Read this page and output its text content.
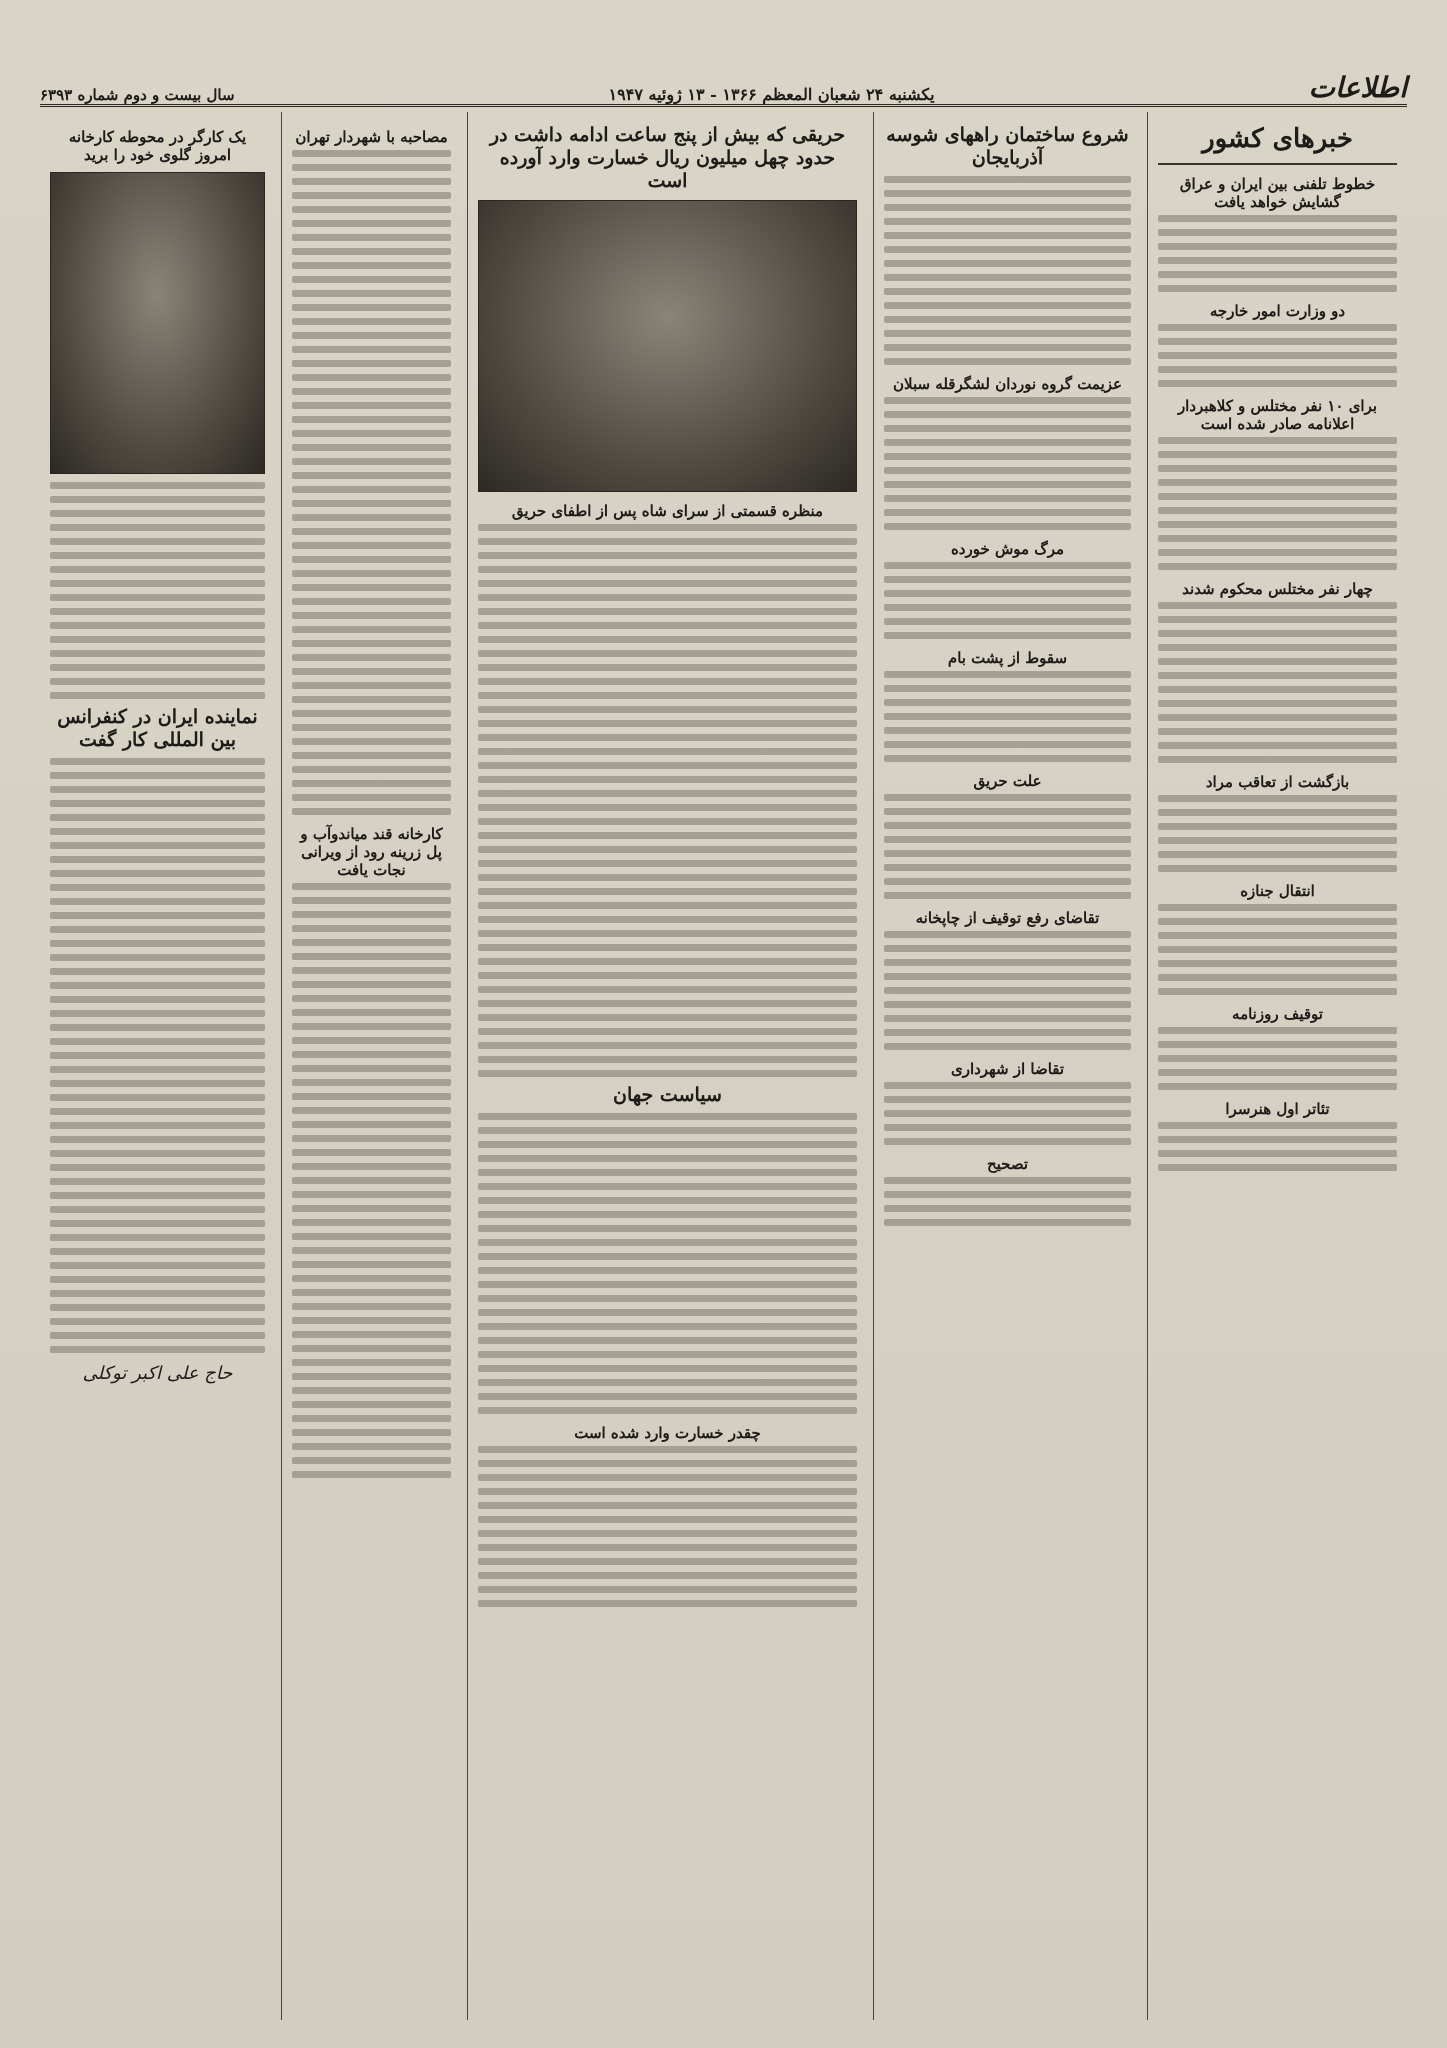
اطلاعات
یکشنبه ۲۴ شعبان المعظم ۱۳۶۶ - ۱۳ ژوئیه ۱۹۴۷
سال بیست و دوم شماره ۶۳۹۳
خبرهای کشور
خطوط تلفنی بین ایران و عراق گشایش خواهد یافت
دو وزارت امور خارجه
برای ۱۰ نفر مختلس و کلاهبردار اعلانامه صادر شده است
چهار نفر مختلس محکوم شدند
بازگشت از تعاقب مراد
انتقال جنازه
توقیف روزنامه
تئاتر اول هنرسرا
شروع ساختمان راههای شوسه آذربایجان
عزیمت گروه نوردان لشگرقله سبلان
مرگ موش خورده
سقوط از پشت بام
علت حریق
تقاضای رفع توقیف از چاپخانه
تقاضا از شهرداری
تصحیح
حریقی که بیش از پنج ساعت ادامه داشت در حدود چهل میلیون ریال خسارت وارد آورده است
منظره قسمتی از سرای شاه پس از اطفای حریق
سیاست جهان
چقدر خسارت وارد شده است
مصاحبه با شهردار تهران
کارخانه قند میاندوآب و پل زرینه رود از ویرانی نجات یافت
یک کارگر در محوطه کارخانه امروز گلوی خود را برید
نماینده ایران در کنفرانس بین المللی کار گفت
حاج علی اکبر توکلی
